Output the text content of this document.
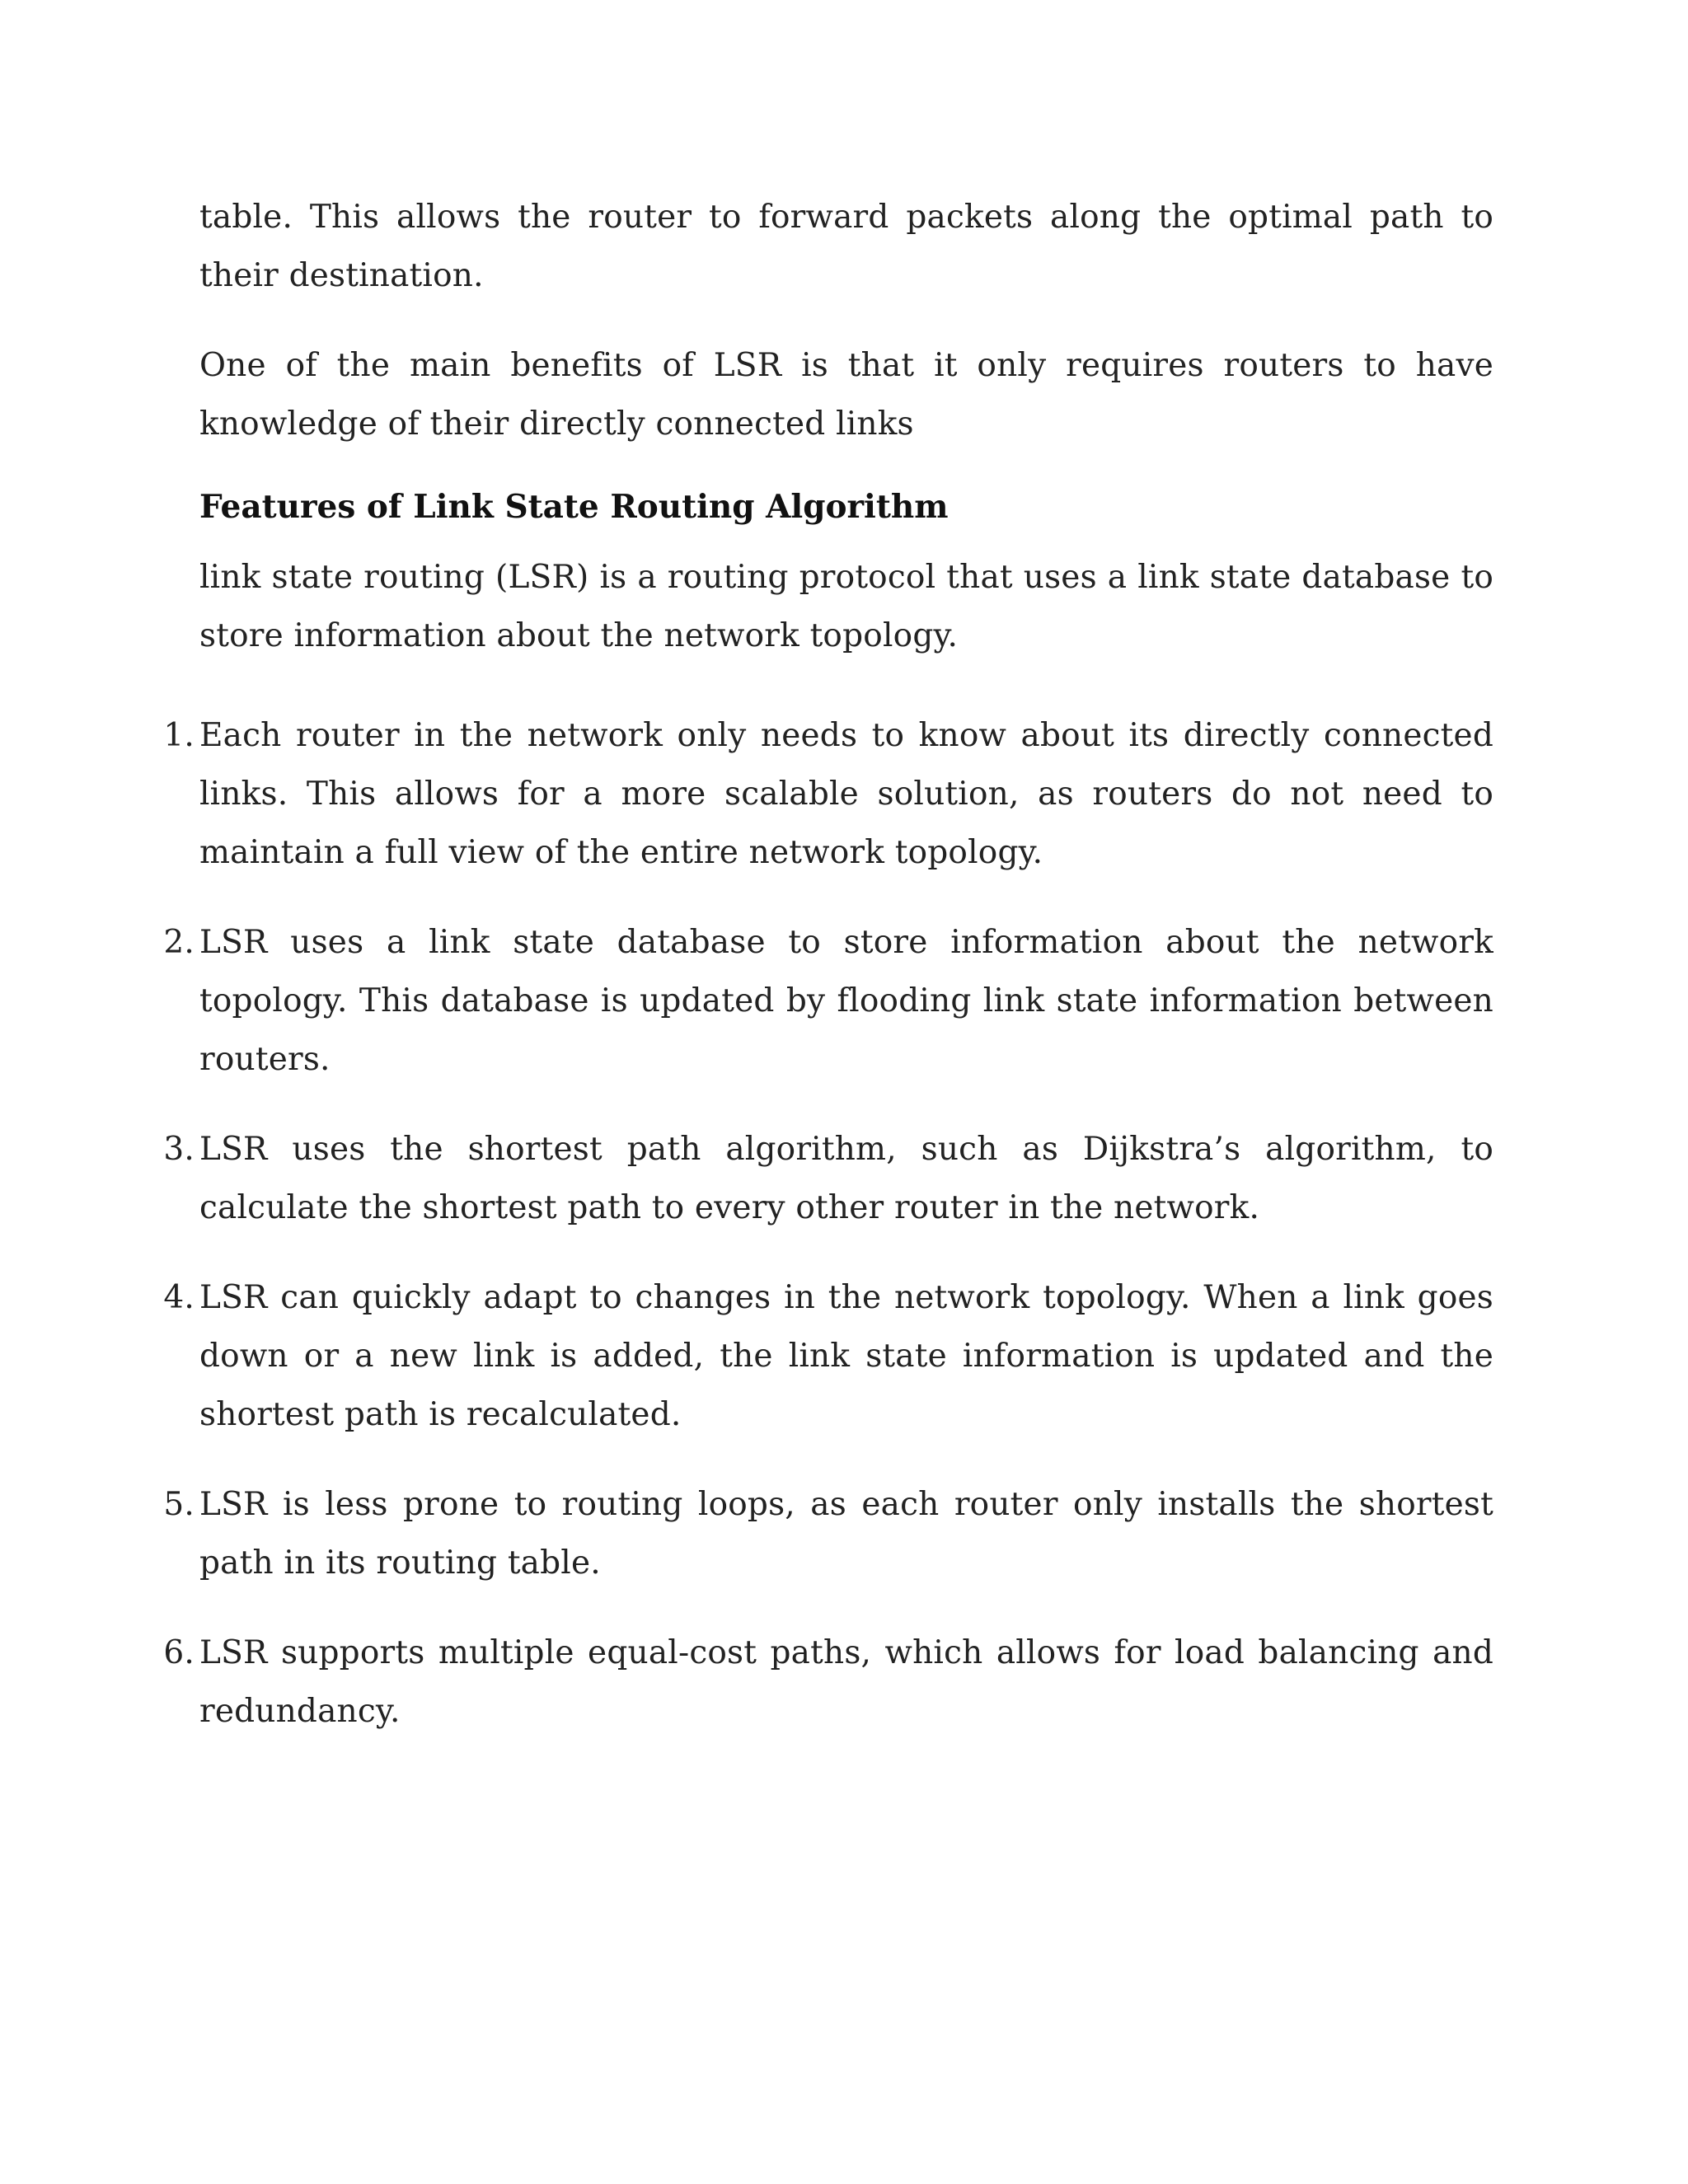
table. This allows the router to forward packets along the optimal path to their destination.

One of the main benefits of LSR is that it only requires routers to have knowledge of their directly connected links

Features of Link State Routing Algorithm

link state routing (LSR) is a routing protocol that uses a link state database to store information about the network topology.

1. Each router in the network only needs to know about its directly connected links. This allows for a more scalable solution, as routers do not need to maintain a full view of the entire network topology.
2. LSR uses a link state database to store information about the network topology. This database is updated by flooding link state information between routers.
3. LSR uses the shortest path algorithm, such as Dijkstra’s algorithm, to calculate the shortest path to every other router in the network.
4. LSR can quickly adapt to changes in the network topology. When a link goes down or a new link is added, the link state information is updated and the shortest path is recalculated.
5. LSR is less prone to routing loops, as each router only installs the shortest path in its routing table.
6. LSR supports multiple equal-cost paths, which allows for load balancing and redundancy.
